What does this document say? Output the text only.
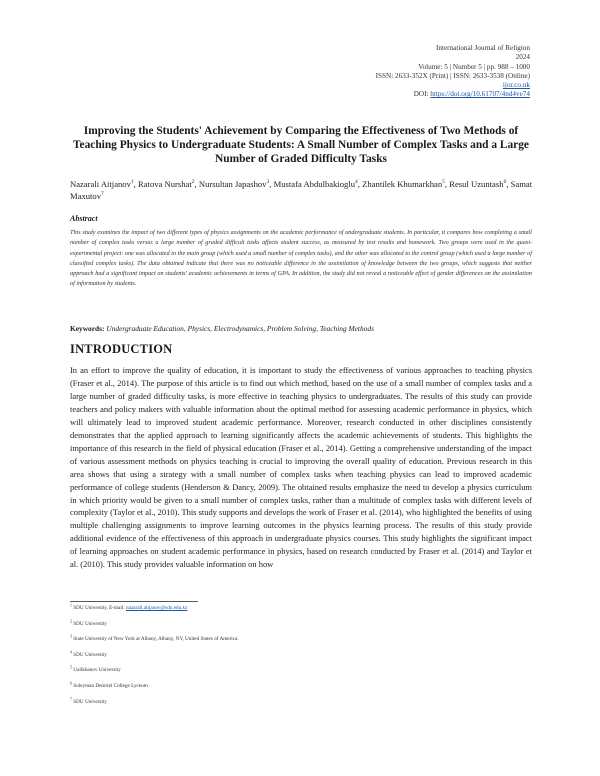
International Journal of Religion
2024
Volume: 5 | Number 5 | pp. 988 – 1000
ISSN: 2633-352X (Print) | ISSN: 2633-3538 (Online)
ijor.co.uk
DOI: https://doi.org/10.61707/4nd4ve74
Improving the Students' Achievement by Comparing the Effectiveness of Two Methods of Teaching Physics to Undergraduate Students: A Small Number of Complex Tasks and a Large Number of Graded Difficulty Tasks
Nazarali Aitjanov$^1$, Ratova Nurshat$^2$, Nursultan Japashov$^3$, Mustafa Abdulbakioglu$^4$, Zhantilek Khumarkhan$^5$, Resul Uzuntash$^6$, Samat Maxutov$^7$
Abstract
This study examines the impact of two different types of physics assignments on the academic performance of undergraduate students. In particular, it compares how completing a small number of complex tasks versus a large number of graded difficult tasks affects student success, as measured by test results and homework. Two groups were used in the quasi-experimental project: one was allocated to the main group (which used a small number of complex tasks), and the other was allocated to the control group (which used a large number of classified complex tasks). The data obtained indicate that there was no noticeable difference in the assimilation of knowledge between the two groups, which suggests that neither approach had a significant impact on students' academic achievements in terms of GPA. In addition, the study did not reveal a noticeable effect of gender differences on the assimilation of information by students.
Keywords: Undergraduate Education, Physics, Electrodynamics, Problem Solving, Teaching Methods
INTRODUCTION
In an effort to improve the quality of education, it is important to study the effectiveness of various approaches to teaching physics (Fraser et al., 2014). The purpose of this article is to find out which method, based on the use of a small number of complex tasks and a large number of graded difficulty tasks, is more effective in teaching physics to undergraduates. The results of this study can provide teachers and policy makers with valuable information about the optimal method for assessing academic performance in physics, which will ultimately lead to improved student academic performance. Moreover, research conducted in other disciplines consistently demonstrates that the applied approach to learning significantly affects the academic achievements of students. This highlights the importance of this research in the field of physical education (Fraser et al., 2014). Getting a comprehensive understanding of the impact of various assessment methods on physics teaching is crucial to improving the overall quality of education. Previous research in this area shows that using a strategy with a small number of complex tasks when teaching physics can lead to improved academic performance of college students (Henderson & Dancy, 2009). The obtained results emphasize the need to develop a physics curriculum in which priority would be given to a small number of complex tasks, rather than a multitude of complex tasks with different levels of complexity (Taylor et al., 2010). This study supports and develops the work of Fraser et al. (2014), who highlighted the benefits of using multiple challenging assignments to improve learning outcomes in the physics learning process. The results of this study provide additional evidence of the effectiveness of this approach in undergraduate physics courses. This study highlights the significant impact of learning approaches on student academic performance in physics, based on research conducted by Fraser et al. (2014) and Taylor et al. (2010). This study provides valuable information on how
$^1$ SDU University, E-mail: nazarali.aitjanov@sdu.edu.kz
$^2$ SDU University
$^3$ State University of New York at Albany, Albany, NY, United States of America.
$^4$ SDU University
$^5$ Ualikhanov University
$^6$ Suleyman Demirel College Lyceum
$^7$ SDU University
